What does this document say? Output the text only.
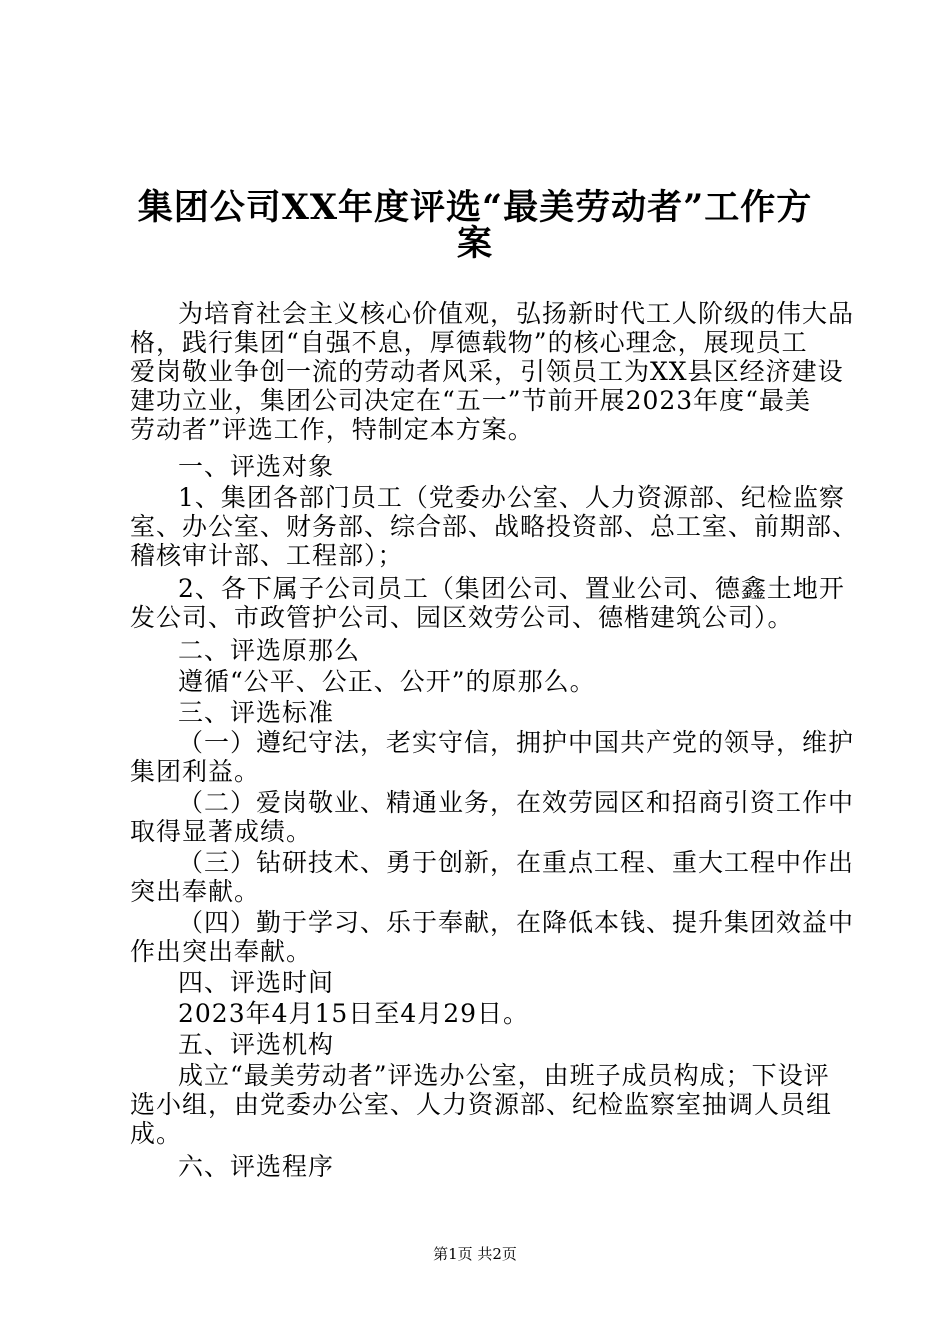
集团公司XX年度评选“最美劳动者”工作方
案
为培育社会主义核心价值观，弘扬新时代工人阶级的伟大品
格，践行集团“自强不息，厚德载物”的核心理念，展现员工
爱岗敬业争创一流的劳动者风采，引领员工为XX县区经济建设
建功立业，集团公司决定在“五一”节前开展2023年度“最美
劳动者”评选工作，特制定本方案。
一、评选对象
1、集团各部门员工（党委办公室、人力资源部、纪检监察
室、办公室、财务部、综合部、战略投资部、总工室、前期部、
稽核审计部、工程部）；
2、各下属子公司员工（集团公司、置业公司、德鑫土地开
发公司、市政管护公司、园区效劳公司、德楷建筑公司）。
二、评选原那么
遵循“公平、公正、公开”的原那么。
三、评选标准
（一）遵纪守法，老实守信，拥护中国共产党的领导，维护
集团利益。
（二）爱岗敬业、精通业务，在效劳园区和招商引资工作中
取得显著成绩。
（三）钻研技术、勇于创新，在重点工程、重大工程中作出
突出奉献。
（四）勤于学习、乐于奉献，在降低本钱、提升集团效益中
作出突出奉献。
四、评选时间
2023年4月15日至4月29日。
五、评选机构
成立“最美劳动者”评选办公室，由班子成员构成；下设评
选小组，由党委办公室、人力资源部、纪检监察室抽调人员组
成。
六、评选程序
第1页 共2页
